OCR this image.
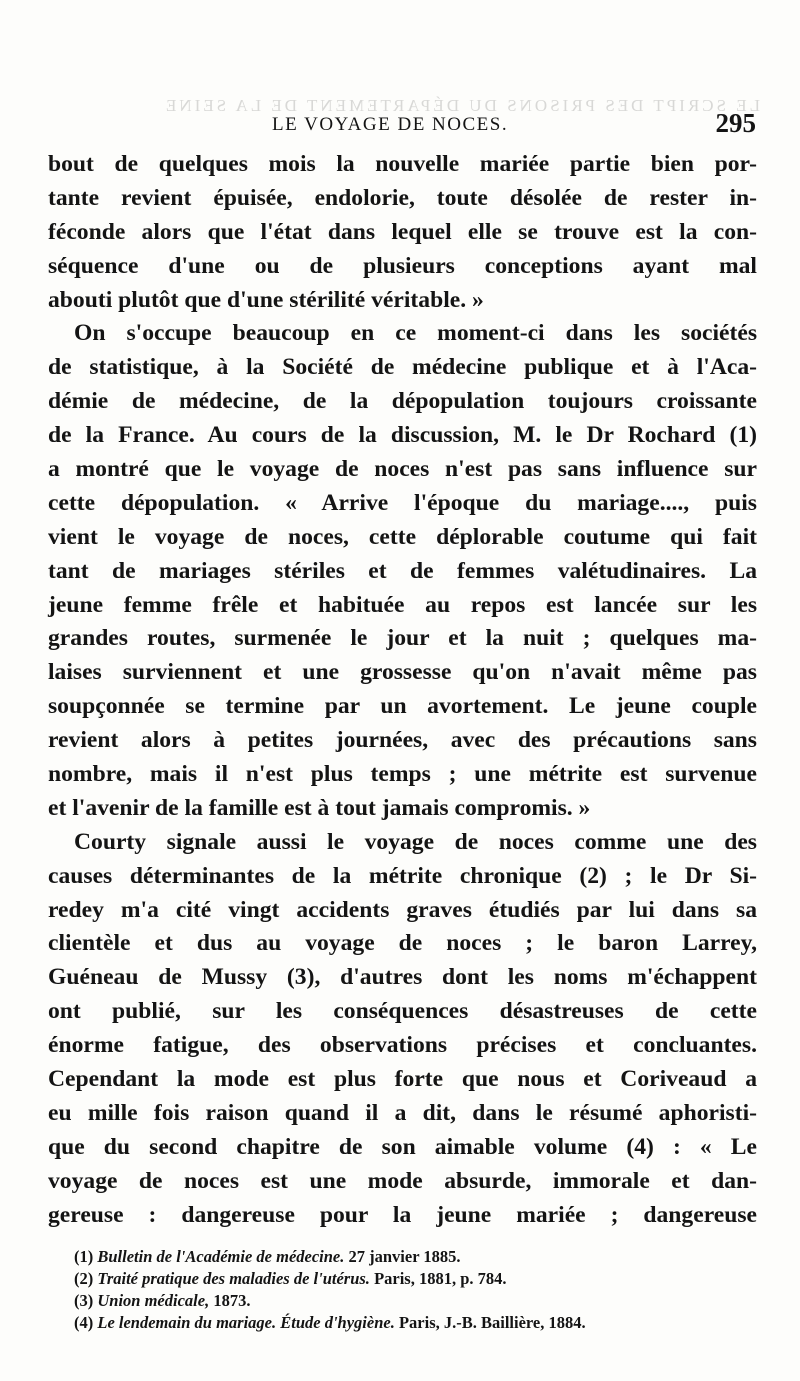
LE SCRIPT DES PRISONS DU DÉPARTEMENT DE LA SEINE
LE VOYAGE DE NOCES.	295
bout de quelques mois la nouvelle mariée partie bien por-
tante revient épuisée, endolorie, toute désolée de rester in-
féconde alors que l'état dans lequel elle se trouve est la con-
séquence d'une ou de plusieurs conceptions ayant mal
abouti plutôt que d'une stérilité véritable. »
On s'occupe beaucoup en ce moment-ci dans les sociétés
de statistique, à la Société de médecine publique et à l'Aca-
démie de médecine, de la dépopulation toujours croissante
de la France. Au cours de la discussion, M. le Dr Rochard (1)
a montré que le voyage de noces n'est pas sans influence sur
cette dépopulation. « Arrive l'époque du mariage...., puis
vient le voyage de noces, cette déplorable coutume qui fait
tant de mariages stériles et de femmes valétudinaires. La
jeune femme frêle et habituée au repos est lancée sur les
grandes routes, surmenée le jour et la nuit ; quelques ma-
laises surviennent et une grossesse qu'on n'avait même pas
soupçonnée se termine par un avortement. Le jeune couple
revient alors à petites journées, avec des précautions sans
nombre, mais il n'est plus temps ; une métrite est survenue
et l'avenir de la famille est à tout jamais compromis. »
Courty signale aussi le voyage de noces comme une des
causes déterminantes de la métrite chronique (2) ; le Dr Si-
redey m'a cité vingt accidents graves étudiés par lui dans sa
clientèle et dus au voyage de noces ; le baron Larrey,
Guéneau de Mussy (3), d'autres dont les noms m'échappent
ont publié, sur les conséquences désastreuses de cette
énorme fatigue, des observations précises et concluantes.
Cependant la mode est plus forte que nous et Coriveaud a
eu mille fois raison quand il a dit, dans le résumé aphoristi-
que du second chapitre de son aimable volume (4) : « Le
voyage de noces est une mode absurde, immorale et dan-
gereuse : dangereuse pour la jeune mariée ; dangereuse
(1) Bulletin de l'Académie de médecine. 27 janvier 1885.
(2) Traité pratique des maladies de l'utérus. Paris, 1881, p. 784.
(3) Union médicale, 1873.
(4) Le lendemain du mariage. Étude d'hygiène. Paris, J.-B. Baillière, 1884.
